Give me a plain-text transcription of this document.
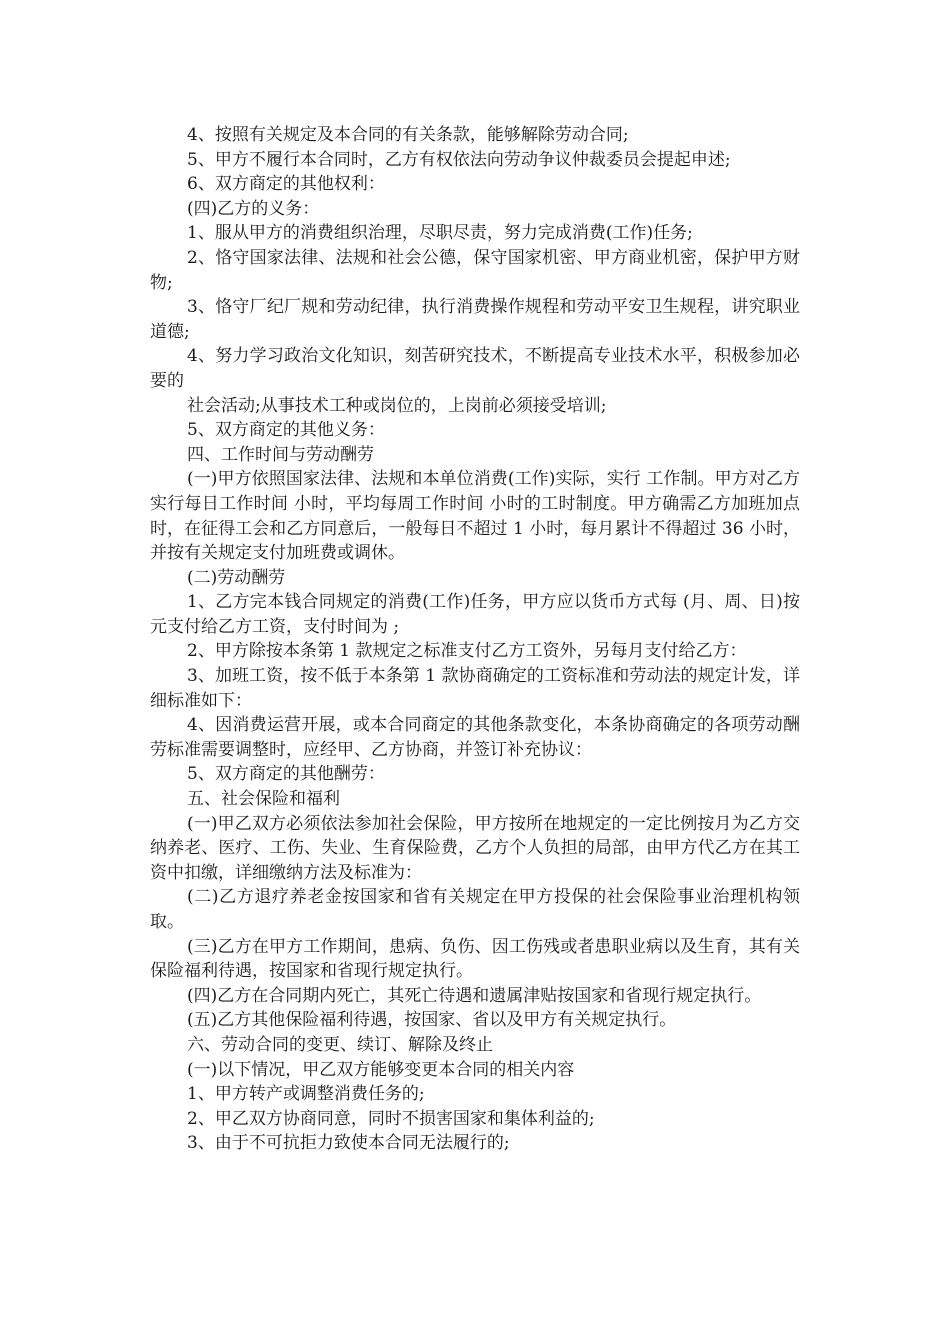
4、按照有关规定及本合同的有关条款，能够解除劳动合同;

5、甲方不履行本合同时，乙方有权依法向劳动争议仲裁委员会提起申述;

6、双方商定的其他权利：

(四)乙方的义务：

1、服从甲方的消费组织治理，尽职尽责，努力完成消费(工作)任务;

2、恪守国家法律、法规和社会公德，保守国家机密、甲方商业机密，保护甲方财物;

3、恪守厂纪厂规和劳动纪律，执行消费操作规程和劳动平安卫生规程，讲究职业道德;

4、努力学习政治文化知识，刻苦研究技术，不断提高专业技术水平，积极参加必要的

社会活动;从事技术工种或岗位的，上岗前必须接受培训;

5、双方商定的其他义务：

四、工作时间与劳动酬劳

(一)甲方依照国家法律、法规和本单位消费(工作)实际，实行 工作制。甲方对乙方实行每日工作时间 小时，平均每周工作时间 小时的工时制度。甲方确需乙方加班加点时，在征得工会和乙方同意后，一般每日不超过 1 小时，每月累计不得超过 36 小时，并按有关规定支付加班费或调休。

(二)劳动酬劳

1、乙方完本钱合同规定的消费(工作)任务，甲方应以货币方式每 (月、周、日)按 元支付给乙方工资，支付时间为 ;

2、甲方除按本条第 1 款规定之标准支付乙方工资外，另每月支付给乙方：

3、加班工资，按不低于本条第 1 款协商确定的工资标准和劳动法的规定计发，详细标准如下：

4、因消费运营开展，或本合同商定的其他条款变化，本条协商确定的各项劳动酬劳标准需要调整时，应经甲、乙方协商，并签订补充协议：

5、双方商定的其他酬劳：

五、社会保险和福利

(一)甲乙双方必须依法参加社会保险，甲方按所在地规定的一定比例按月为乙方交纳养老、医疗、工伤、失业、生育保险费，乙方个人负担的局部，由甲方代乙方在其工资中扣缴，详细缴纳方法及标准为：

(二)乙方退疗养老金按国家和省有关规定在甲方投保的社会保险事业治理机构领取。

(三)乙方在甲方工作期间，患病、负伤、因工伤残或者患职业病以及生育，其有关保险福利待遇，按国家和省现行规定执行。

(四)乙方在合同期内死亡，其死亡待遇和遗属津贴按国家和省现行规定执行。

(五)乙方其他保险福利待遇，按国家、省以及甲方有关规定执行。

六、劳动合同的变更、续订、解除及终止

(一)以下情况，甲乙双方能够变更本合同的相关内容

1、甲方转产或调整消费任务的;

2、甲乙双方协商同意，同时不损害国家和集体利益的;

3、由于不可抗拒力致使本合同无法履行的;
